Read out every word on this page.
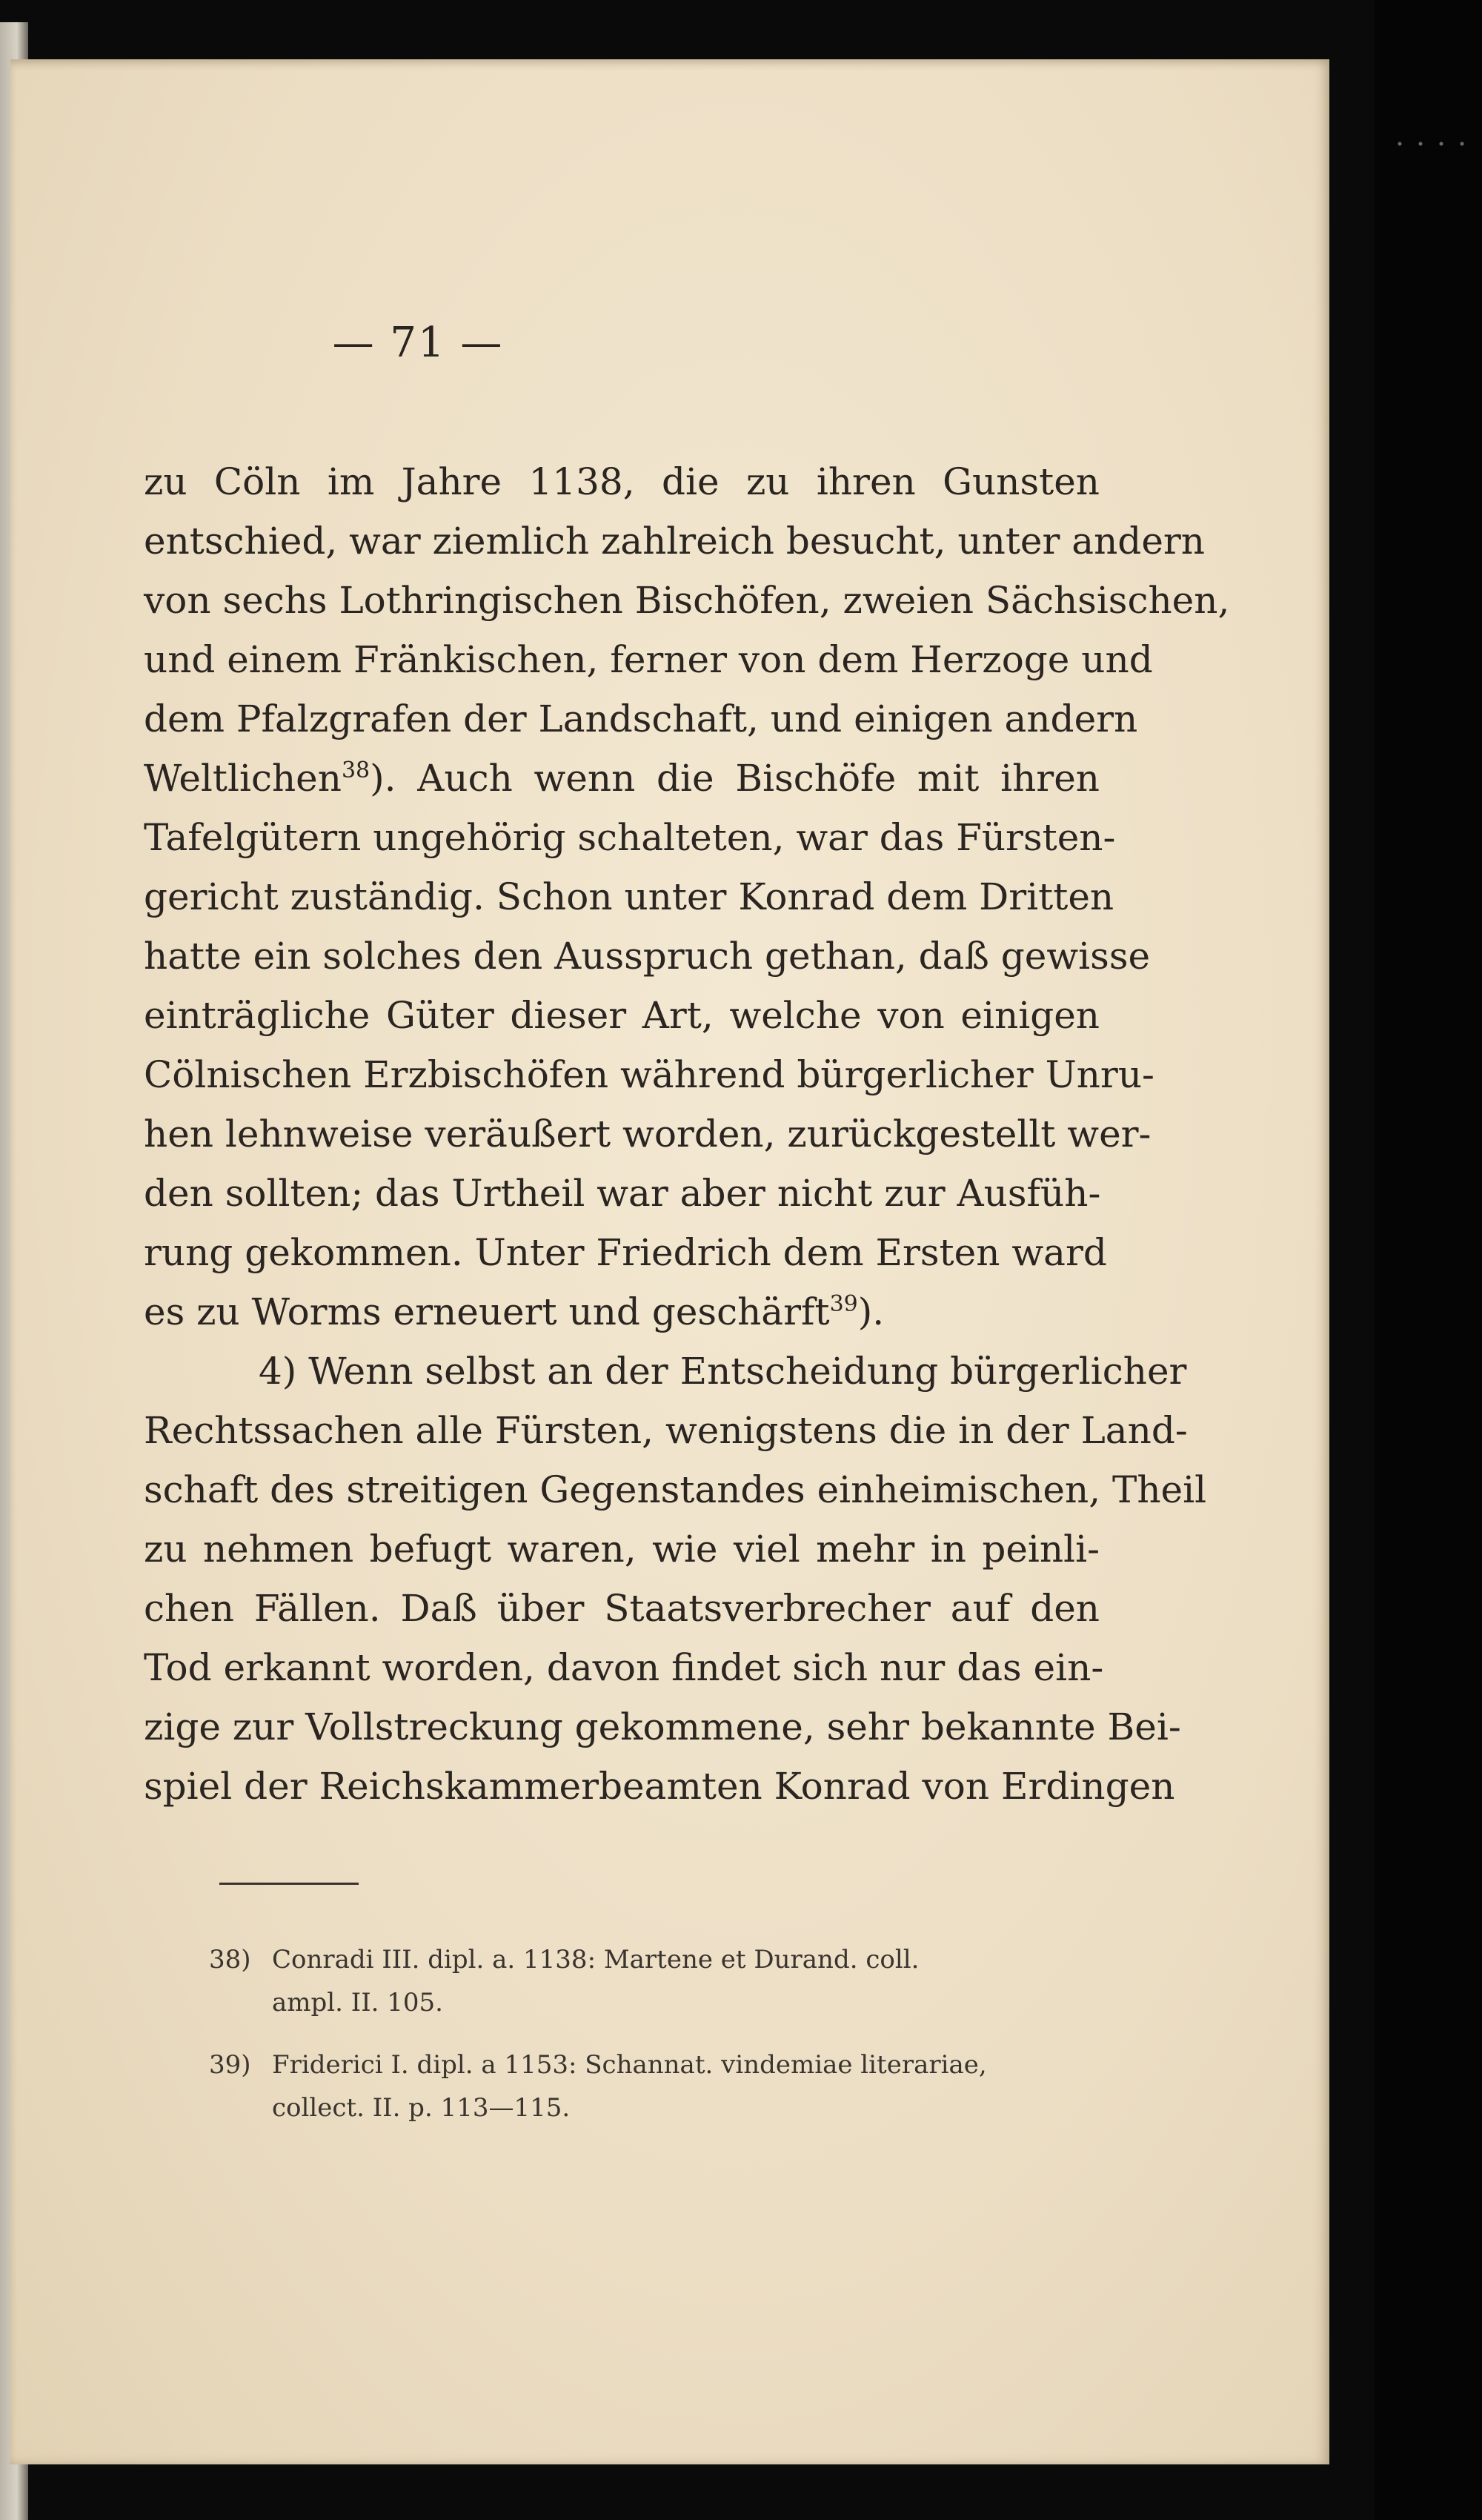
— 71 —
zu Cöln im Jahre 1138, die zu ihren Gunsten
entschied, war ziemlich zahlreich besucht, unter andern
von sechs Lothringischen Bischöfen, zweien Sächsischen,
und einem Fränkischen, ferner von dem Herzoge und
dem Pfalzgrafen der Landschaft, und einigen andern
Weltlichen$^{38}$). Auch wenn die Bischöfe mit ihren
Tafelgütern ungehörig schalteten, war das Fürsten-
gericht zuständig. Schon unter Konrad dem Dritten
hatte ein solches den Ausspruch gethan, daß gewisse
einträgliche Güter dieser Art, welche von einigen
Cölnischen Erzbischöfen während bürgerlicher Unru-
hen lehnweise veräußert worden, zurückgestellt wer-
den sollten; das Urtheil war aber nicht zur Ausfüh-
rung gekommen. Unter Friedrich dem Ersten ward
es zu Worms erneuert und geschärft$^{39}$).
4) Wenn selbst an der Entscheidung bürgerlicher
Rechtssachen alle Fürsten, wenigstens die in der Land-
schaft des streitigen Gegenstandes einheimischen, Theil
zu nehmen befugt waren, wie viel mehr in peinli-
chen Fällen. Daß über Staatsverbrecher auf den
Tod erkannt worden, davon findet sich nur das ein-
zige zur Vollstreckung gekommene, sehr bekannte Bei-
spiel der Reichskammerbeamten Konrad von Erdingen
38) Conradi III. dipl. a. 1138: Martene et Durand. coll.
ampl. II. 105.
39) Friderici I. dipl. a 1153: Schannat. vindemiae literariae,
collect. II. p. 113—115.
